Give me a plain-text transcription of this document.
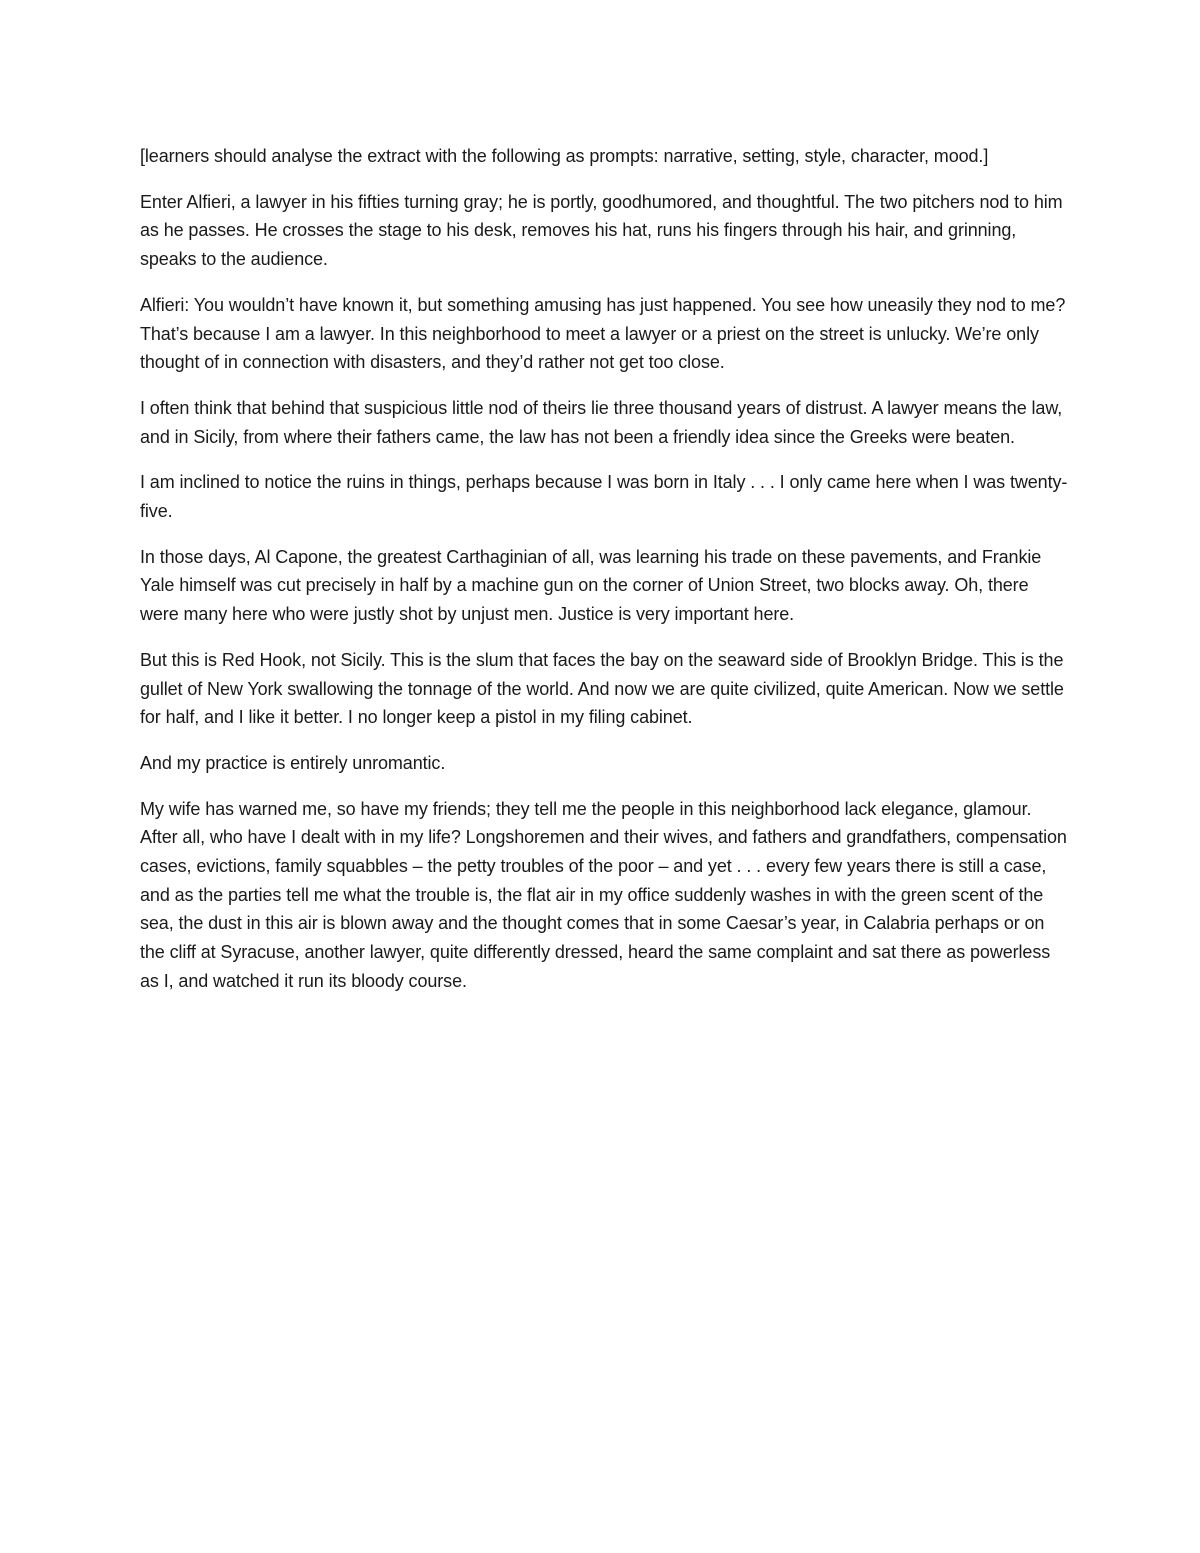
[learners should analyse the extract with the following as prompts: narrative, setting, style, character, mood.]

Enter Alfieri, a lawyer in his fifties turning gray; he is portly, goodhumored, and thoughtful. The two pitchers nod to him as he passes. He crosses the stage to his desk, removes his hat, runs his fingers through his hair, and grinning, speaks to the audience.

Alfieri: You wouldn’t have known it, but something amusing has just happened. You see how uneasily they nod to me? That’s because I am a lawyer. In this neighborhood to meet a lawyer or a priest on the street is unlucky. We’re only thought of in connection with disasters, and they’d rather not get too close.

I often think that behind that suspicious little nod of theirs lie three thousand years of distrust. A lawyer means the law, and in Sicily, from where their fathers came, the law has not been a friendly idea since the Greeks were beaten.

I am inclined to notice the ruins in things, perhaps because I was born in Italy . . . I only came here when I was twenty-five.

In those days, Al Capone, the greatest Carthaginian of all, was learning his trade on these pavements, and Frankie Yale himself was cut precisely in half by a machine gun on the corner of Union Street, two blocks away. Oh, there were many here who were justly shot by unjust men. Justice is very important here.

But this is Red Hook, not Sicily. This is the slum that faces the bay on the seaward side of Brooklyn Bridge. This is the gullet of New York swallowing the tonnage of the world. And now we are quite civilized, quite American. Now we settle for half, and I like it better. I no longer keep a pistol in my filing cabinet.

And my practice is entirely unromantic.

My wife has warned me, so have my friends; they tell me the people in this neighborhood lack elegance, glamour. After all, who have I dealt with in my life? Longshoremen and their wives, and fathers and grandfathers, compensation cases, evictions, family squabbles – the petty troubles of the poor – and yet . . . every few years there is still a case, and as the parties tell me what the trouble is, the flat air in my office suddenly washes in with the green scent of the sea, the dust in this air is blown away and the thought comes that in some Caesar’s year, in Calabria perhaps or on the cliff at Syracuse, another lawyer, quite differently dressed, heard the same complaint and sat there as powerless as I, and watched it run its bloody course.
